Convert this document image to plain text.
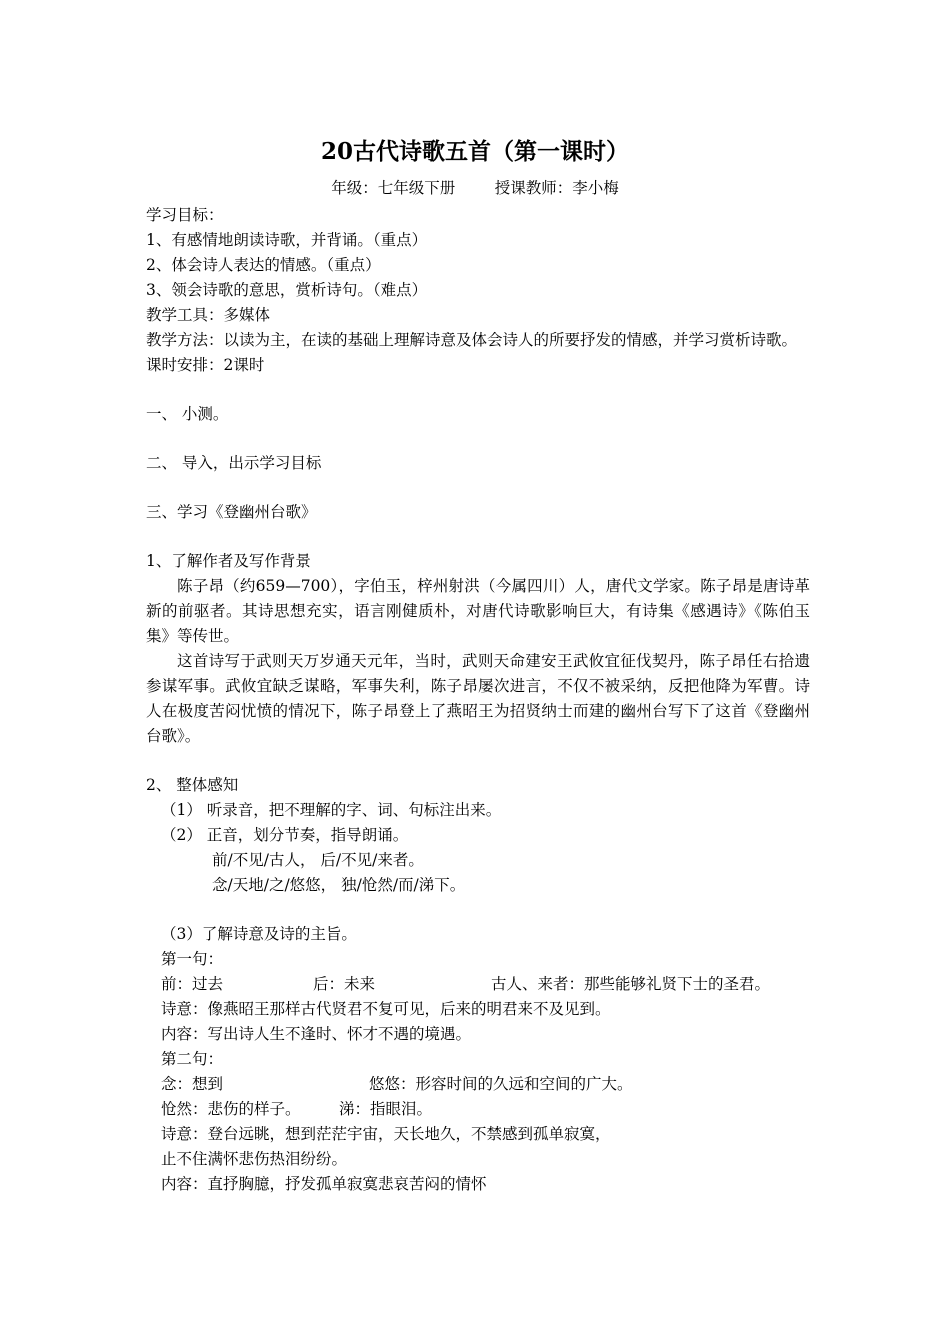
20古代诗歌五首（第一课时）
年级：七年级下册        授课教师：李小梅
学习目标：
1、有感情地朗读诗歌，并背诵。（重点）
2、体会诗人表达的情感。（重点）
3、领会诗歌的意思，赏析诗句。（难点）
教学工具：多媒体
教学方法：以读为主，在读的基础上理解诗意及体会诗人的所要抒发的情感，并学习赏析诗歌。
课时安排：2课时
一、 小测。
二、 导入，出示学习目标
三、学习《登幽州台歌》
1、了解作者及写作背景
陈子昂（约659—700），字伯玉，梓州射洪（今属四川）人，唐代文学家。陈子昂是唐诗革新的前驱者。其诗思想充实，语言刚健质朴，对唐代诗歌影响巨大，有诗集《感遇诗》《陈伯玉集》等传世。
这首诗写于武则天万岁通天元年，当时，武则天命建安王武攸宜征伐契丹，陈子昂任右拾遗参谋军事。武攸宜缺乏谋略，军事失利，陈子昂屡次进言，不仅不被采纳，反把他降为军曹。诗人在极度苦闷忧愤的情况下，陈子昂登上了燕昭王为招贤纳士而建的幽州台写下了这首《登幽州台歌》。
2、 整体感知
（1） 听录音，把不理解的字、词、句标注出来。
（2） 正音，划分节奏，指导朗诵。
前/不见/古人， 后/不见/来者。
念/天地/之/悠悠， 独/怆然/而/涕下。
（3）了解诗意及诗的主旨。
第一句：
前：过去	后：未来	古人、来者：那些能够礼贤下士的圣君。
诗意：像燕昭王那样古代贤君不复可见，后来的明君来不及见到。
内容：写出诗人生不逢时、怀才不遇的境遇。
第二句：
念：想到	悠悠：形容时间的久远和空间的广大。
怆然：悲伤的样子。 涕：指眼泪。
诗意：登台远眺，想到茫茫宇宙，天长地久，不禁感到孤单寂寞，
止不住满怀悲伤热泪纷纷。
内容：直抒胸臆，抒发孤单寂寞悲哀苦闷的情怀
